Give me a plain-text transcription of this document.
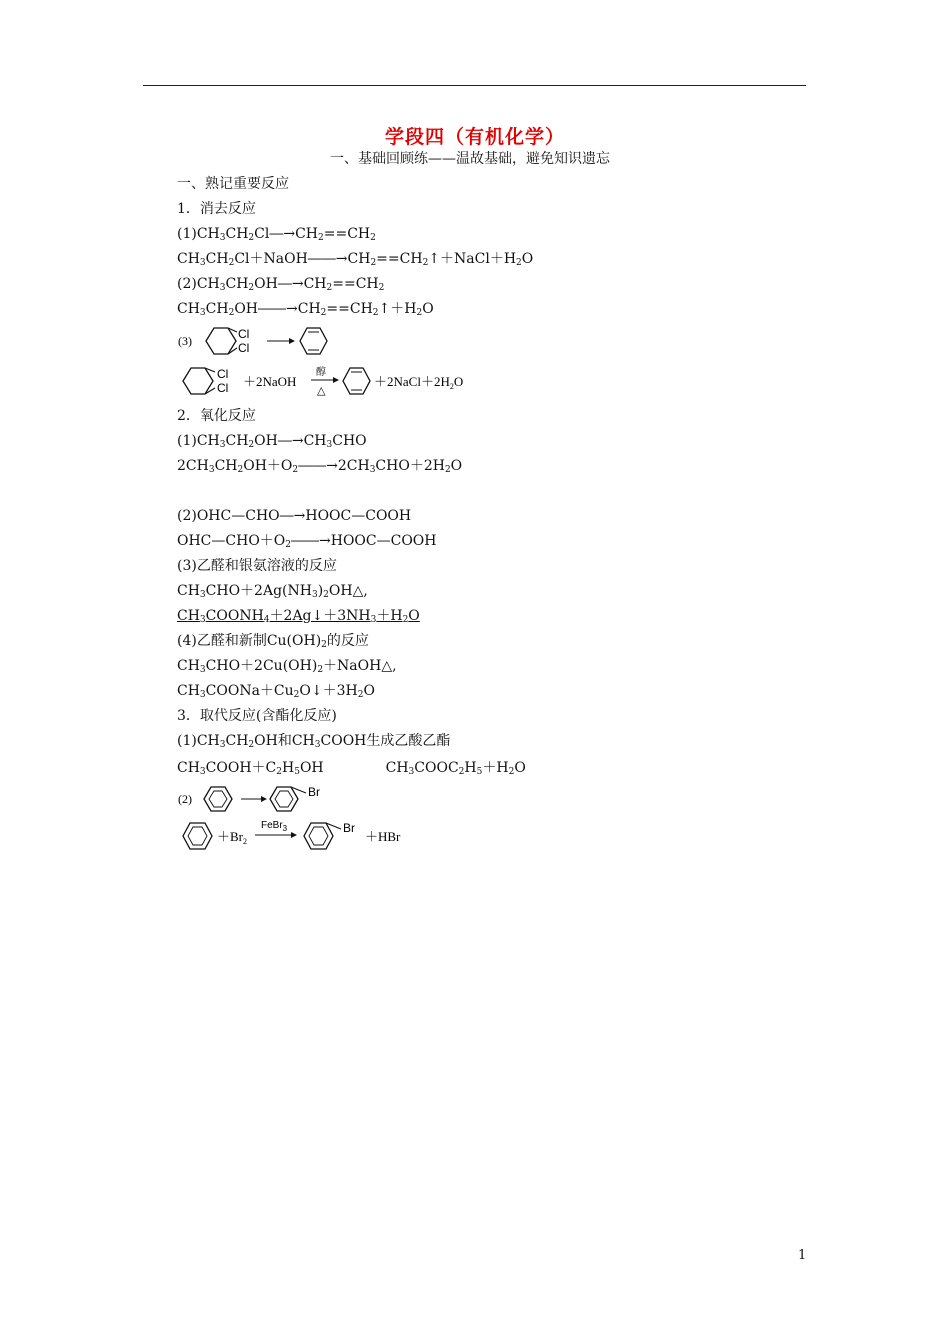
学段四（有机化学）
一、基础回顾练——温故基础，避免知识遗忘
一、熟记重要反应
1．消去反应
$(1)CH_3CH_2Cl―\to CH_2==CH_2$
$CH_3CH_2Cl+NaOH――\to CH_2==CH_2↑+NaCl+H_2O$
$(2)CH_3CH_2OH―\to CH_2==CH_2$
$CH_3CH_2OH――\to CH_2==CH_2↑+H_2O$
(3)	Cl
Cl
Cl
Cl ＋2NaOH
醇
△
$+2NaCl+2H_2O$
2．氧化反应
$(1)CH_3CH_2OH―\to CH_3CHO$
$2CH_3CH_2OH+O_2――\to 2CH_3CHO+2H_2O$
(2)OHC—CHO―→HOOC—COOH
$OHC—CHO+O_2――\to HOOC—COOH$
(3)乙醛和银氨溶液的反应
$CH_3CHO+2Ag(NH_3)_2OH\triangle$,
$CH_3COONH_4+2Ag↓+3NH_3+H_2O$
(4)乙醛和新制$Cu(OH)_2$的反应
$CH_3CHO+2Cu(OH)_2+NaOH\triangle$,
$CH_3COONa+Cu_2O↓+3H_2O$
3．取代反应(含酯化反应)
$(1)CH_3CH_2OH$和$CH_3COOH$生成乙酸乙酯
$CH_3COOH+C_2H_5OH$	$CH_3COOC_2H_5+H_2O$
(2)	Br
$+Br_2$
FeBr$_3$	Br
＋HBr
1
